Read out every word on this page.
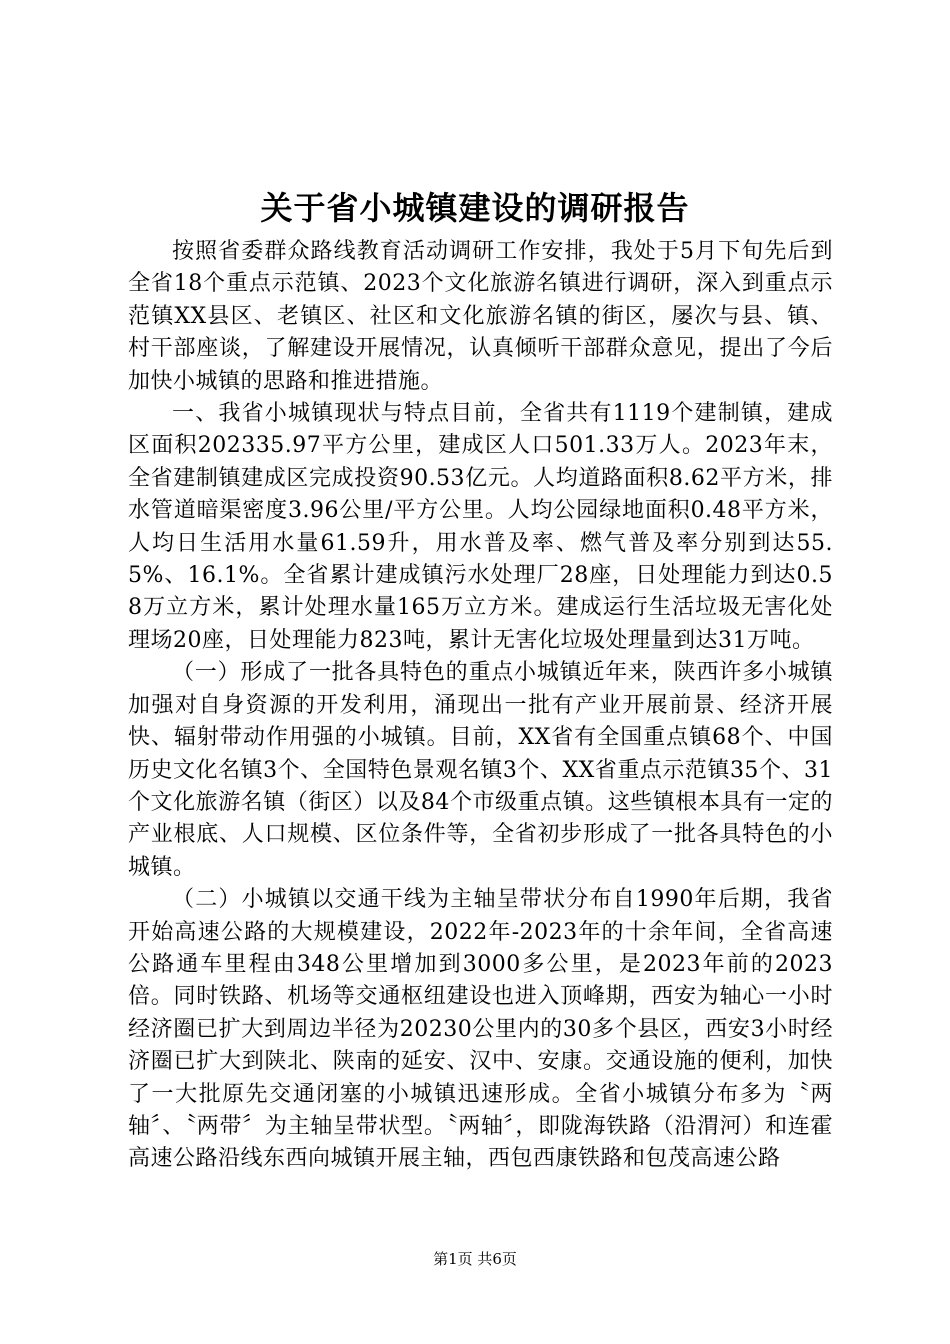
关于省小城镇建设的调研报告

按照省委群众路线教育活动调研工作安排，我处于5月下旬先后到全省18个重点示范镇、2023个文化旅游名镇进行调研，深入到重点示范镇XX县区、老镇区、社区和文化旅游名镇的街区，屡次与县、镇、村干部座谈，了解建设开展情况，认真倾听干部群众意见，提出了今后加快小城镇的思路和推进措施。

一、我省小城镇现状与特点目前，全省共有1119个建制镇，建成区面积202335.97平方公里，建成区人口501.33万人。2023年末，全省建制镇建成区完成投资90.53亿元。人均道路面积8.62平方米，排水管道暗渠密度3.96公里/平方公里。人均公园绿地面积0.48平方米，人均日生活用水量61.59升，用水普及率、燃气普及率分别到达55.5%、16.1%。全省累计建成镇污水处理厂28座，日处理能力到达0.58万立方米，累计处理水量165万立方米。建成运行生活垃圾无害化处理场20座，日处理能力823吨，累计无害化垃圾处理量到达31万吨。

（一）形成了一批各具特色的重点小城镇近年来，陕西许多小城镇加强对自身资源的开发利用，涌现出一批有产业开展前景、经济开展快、辐射带动作用强的小城镇。目前，XX省有全国重点镇68个、中国历史文化名镇3个、全国特色景观名镇3个、XX省重点示范镇35个、31个文化旅游名镇（街区）以及84个市级重点镇。这些镇根本具有一定的产业根底、人口规模、区位条件等，全省初步形成了一批各具特色的小城镇。

（二）小城镇以交通干线为主轴呈带状分布自1990年后期，我省开始高速公路的大规模建设，2022年-2023年的十余年间，全省高速公路通车里程由348公里增加到3000多公里，是2023年前的2023倍。同时铁路、机场等交通枢纽建设也进入顶峰期，西安为轴心一小时经济圈已扩大到周边半径为20230公里内的30多个县区，西安3小时经济圈已扩大到陕北、陕南的延安、汉中、安康。交通设施的便利，加快了一大批原先交通闭塞的小城镇迅速形成。全省小城镇分布多为〝两轴〞、〝两带〞为主轴呈带状型。〝两轴〞，即陇海铁路（沿渭河）和连霍高速公路沿线东西向城镇开展主轴，西包西康铁路和包茂高速公路

第1页 共6页
